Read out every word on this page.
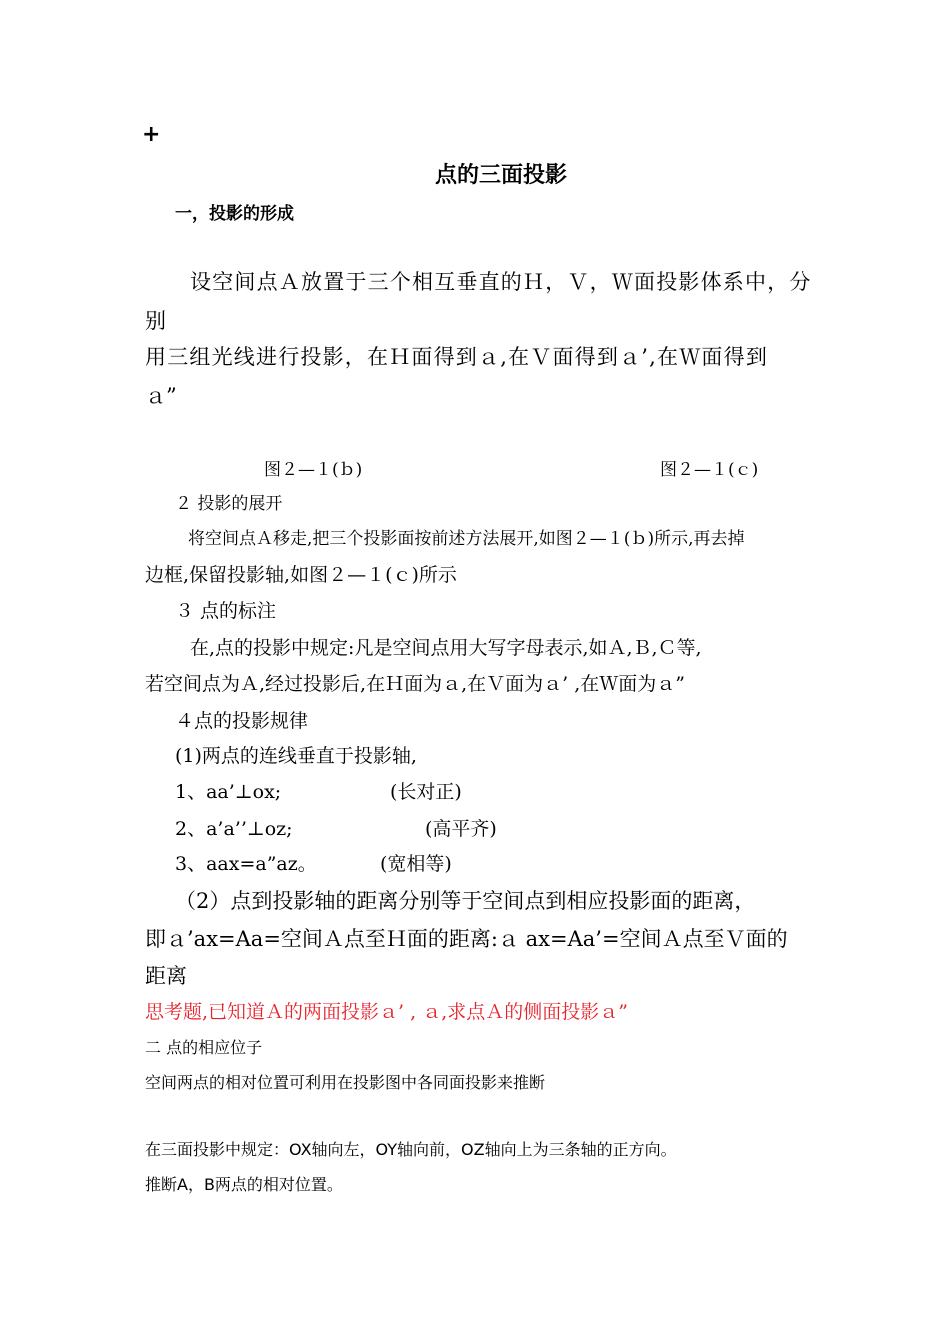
+

点的三面投影

一，投影的形成

设空间点Ａ放置于三个相互垂直的Ｈ，Ｖ，Ｗ面投影体系中，分

别

用三组光线进行投影，在Ｈ面得到ａ,在Ｖ面得到ａ’,在Ｗ面得到

ａ”

图２—１(ｂ)	图２—１(ｃ)

２ 投影的展开

将空间点Ａ移走,把三个投影面按前述方法展开,如图２—１(ｂ)所示,再去掉

边框,保留投影轴,如图２—１(ｃ)所示

３ 点的标注

在,点的投影中规定:凡是空间点用大写字母表示,如Ａ,Ｂ,Ｃ等,

若空间点为Ａ,经过投影后,在Ｈ面为ａ,在Ｖ面为ａ’ ,在Ｗ面为ａ”

４点的投影规律

(1)两点的连线垂直于投影轴,

1、aa’⊥ox;	(长对正)

2、a’a’’⊥oz;	(高平齐)

3、aax=a”az。	(宽相等)

（2）点到投影轴的距离分别等于空间点到相应投影面的距离，

即ａ’ax=Aa=空间Ａ点至Ｈ面的距离:ａ ax=Aa’=空间Ａ点至Ｖ面的

距离

思考题,已知道Ａ的两面投影ａ’ , ａ,求点Ａ的侧面投影ａ”

二 点的相应位子

空间两点的相对位置可利用在投影图中各同面投影来推断

在三面投影中规定：OX轴向左，OY轴向前，OZ轴向上为三条轴的正方向。

推断A，B两点的相对位置。
